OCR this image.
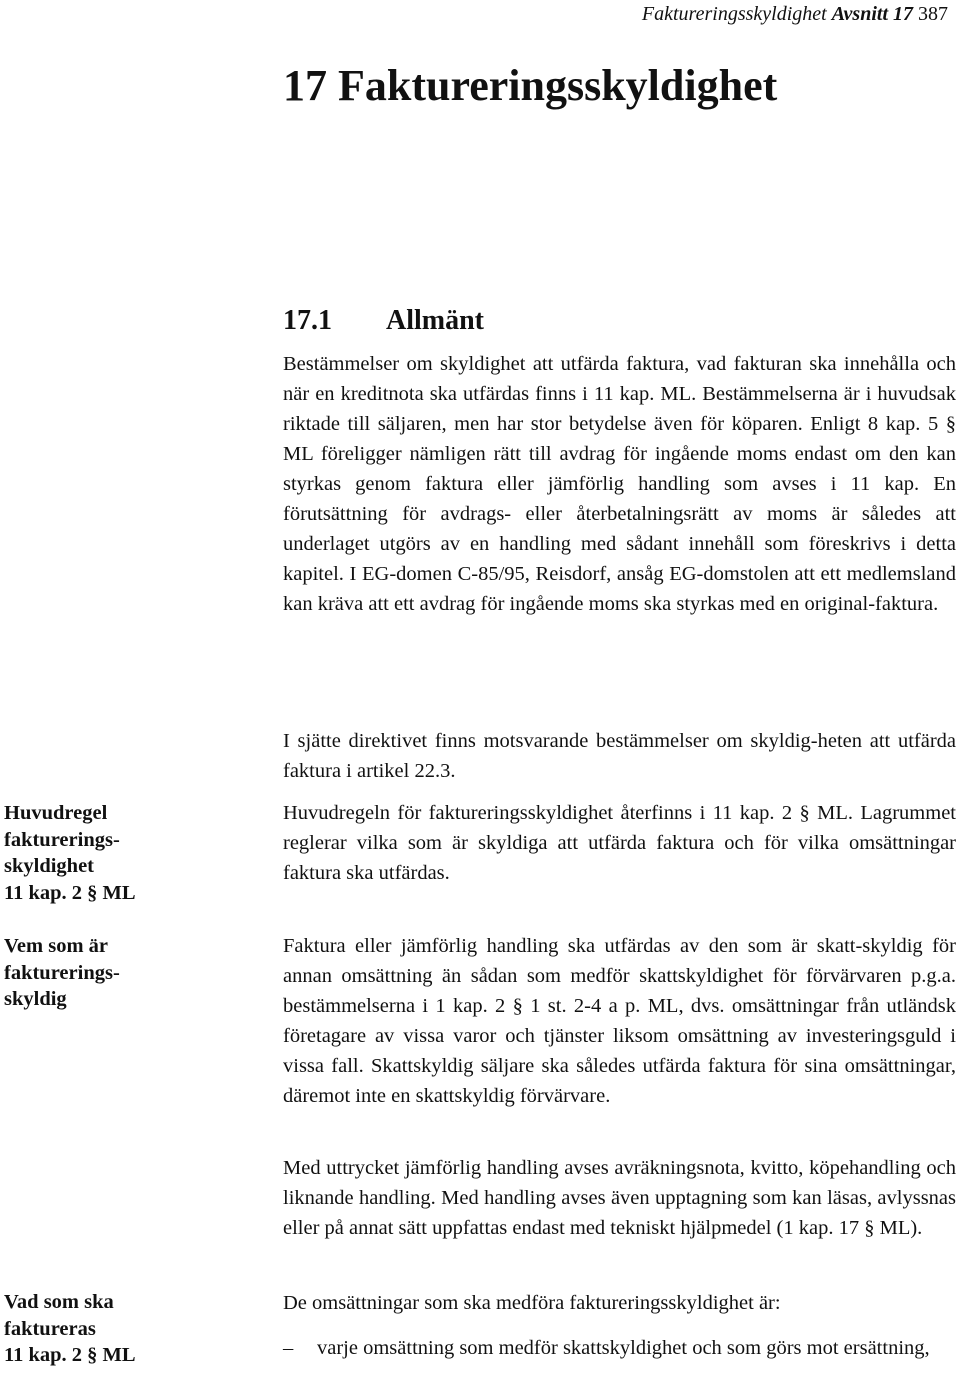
Faktureringsskyldighet Avsnitt 17 387
17 Faktureringsskyldighet
17.1 Allmänt

Bestämmelser om skyldighet att utfärda faktura, vad fakturan ska innehålla och när en kreditnota ska utfärdas finns i 11 kap. ML. Bestämmelserna är i huvudsak riktade till säljaren, men har stor betydelse även för köparen. Enligt 8 kap. 5 § ML föreligger nämligen rätt till avdrag för ingående moms endast om den kan styrkas genom faktura eller jämförlig handling som avses i 11 kap. En förutsättning för avdrags- eller återbetalningsrätt av moms är således att underlaget utgörs av en handling med sådant innehåll som föreskrivs i detta kapitel. I EG-domen C-85/95, Reisdorf, ansåg EG-domstolen att ett medlemsland kan kräva att ett avdrag för ingående moms ska styrkas med en original-faktura.

I sjätte direktivet finns motsvarande bestämmelser om skyldig-heten att utfärda faktura i artikel 22.3.

Huvudregeln för faktureringsskyldighet återfinns i 11 kap. 2 § ML. Lagrummet reglerar vilka som är skyldiga att utfärda faktura och för vilka omsättningar faktura ska utfärdas.

Faktura eller jämförlig handling ska utfärdas av den som är skatt-skyldig för annan omsättning än sådan som medför skattskyldighet för förvärvaren p.g.a. bestämmelserna i 1 kap. 2 § 1 st. 2-4 a p. ML, dvs. omsättningar från utländsk företagare av vissa varor och tjänster liksom omsättning av investeringsguld i vissa fall. Skattskyldig säljare ska således utfärda faktura för sina omsättningar, däremot inte en skattskyldig förvärvare.

Med uttrycket jämförlig handling avses avräkningsnota, kvitto, köpehandling och liknande handling. Med handling avses även upptagning som kan läsas, avlyssnas eller på annat sätt uppfattas endast med tekniskt hjälpmedel (1 kap. 17 § ML).

De omsättningar som ska medföra faktureringsskyldighet är:

– varje omsättning som medför skattskyldighet och som görs mot ersättning,
Huvudregel fakturerings-skyldighet
11 kap. 2 § ML
Vem som är fakturerings-skyldig
Vad som ska faktureras
11 kap. 2 § ML
